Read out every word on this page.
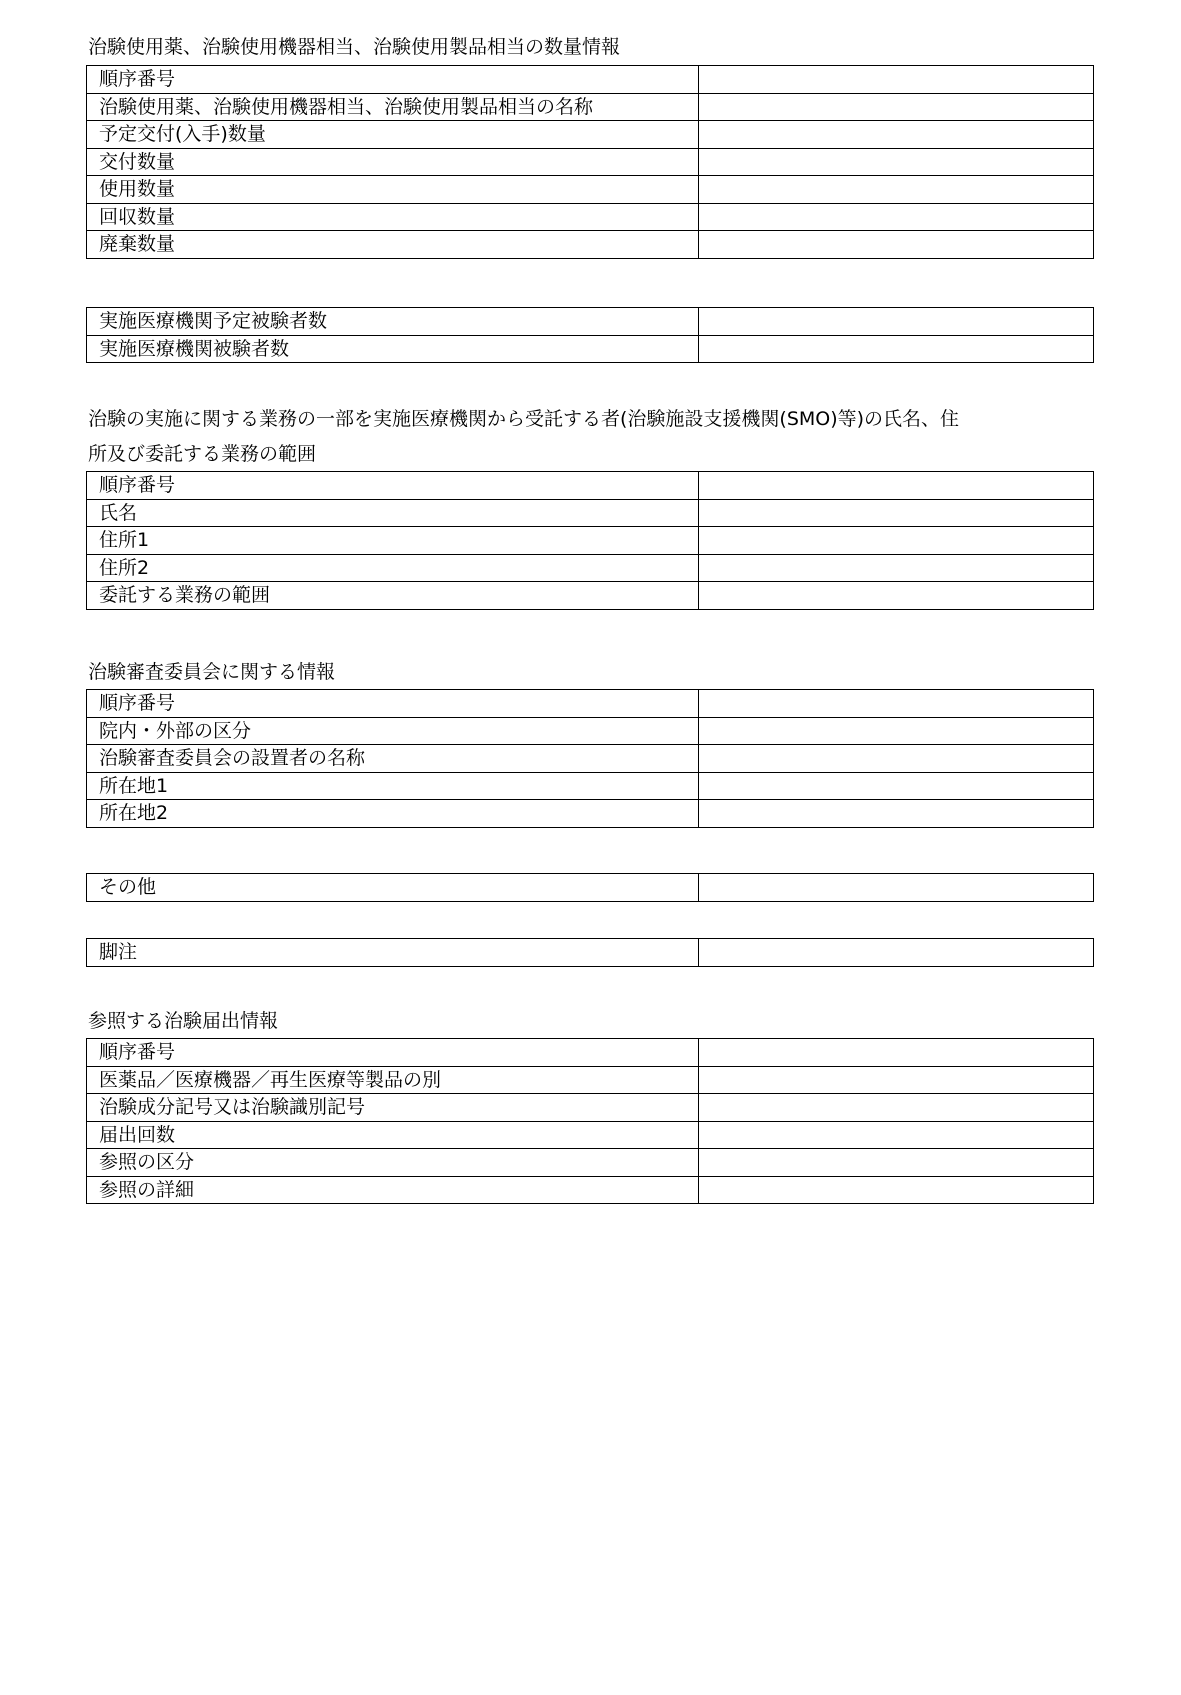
治験使用薬、治験使用機器相当、治験使用製品相当の数量情報
順序番号	
治験使用薬、治験使用機器相当、治験使用製品相当の名称	
予定交付(入手)数量	
交付数量	
使用数量	
回収数量	
廃棄数量	
実施医療機関予定被験者数	
実施医療機関被験者数	
治験の実施に関する業務の一部を実施医療機関から受託する者(治験施設支援機関(SMO)等)の氏名、住
所及び委託する業務の範囲
順序番号	
氏名	
住所1	
住所2	
委託する業務の範囲	
治験審査委員会に関する情報
順序番号	
院内・外部の区分	
治験審査委員会の設置者の名称	
所在地1	
所在地2	
その他	
脚注	
参照する治験届出情報
順序番号	
医薬品／医療機器／再生医療等製品の別	
治験成分記号又は治験識別記号	
届出回数	
参照の区分	
参照の詳細	
